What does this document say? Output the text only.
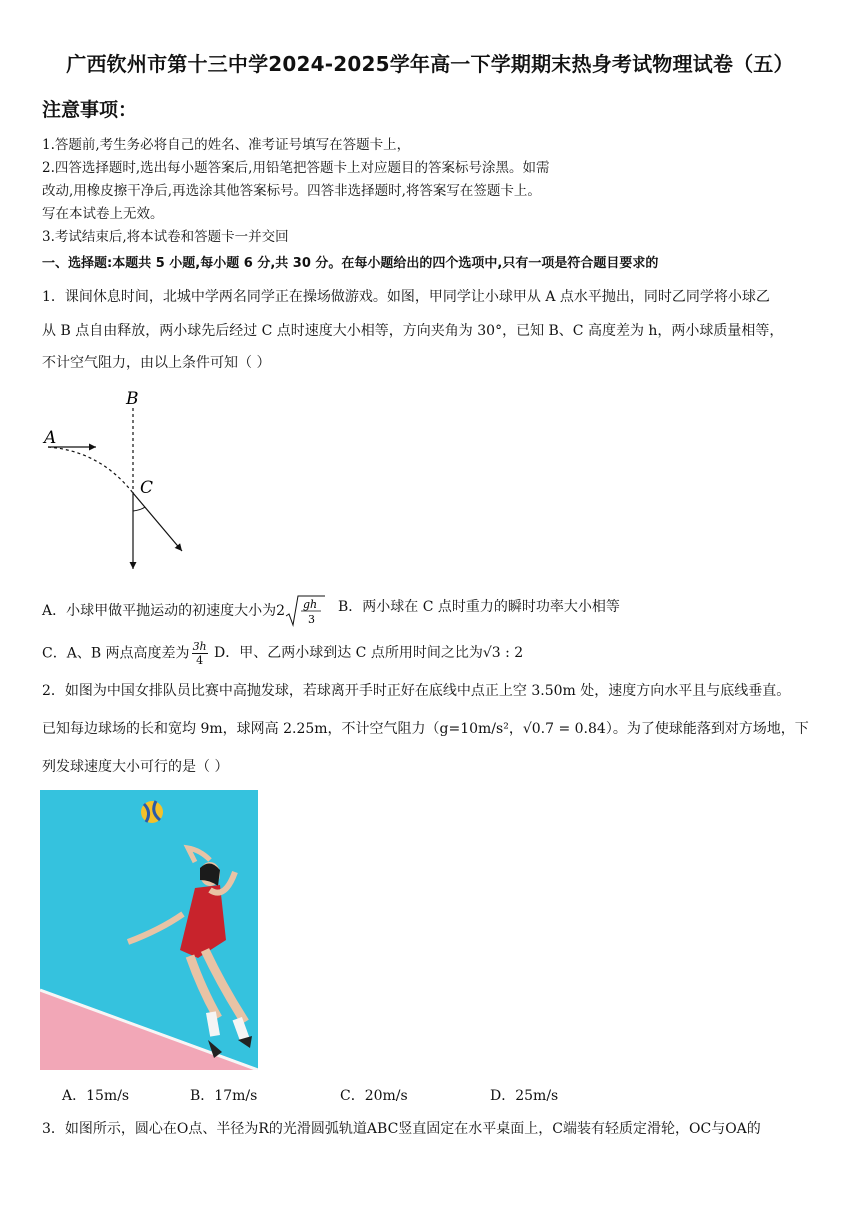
广西钦州市第十三中学2024-2025学年高一下学期期末热身考试物理试卷（五）
注意事项：
1.答题前,考生务必将自己的姓名、准考证号填写在答题卡上，
2.四答选择题时,选出每小题答案后,用铅笔把答题卡上对应题目的答案标号涂黑。如需
改动,用橡皮擦干净后,再选涂其他答案标号。四答非选择题时,将答案写在签题卡上。
写在本试卷上无效。
3.考试结束后,将本试卷和答题卡一并交回
一、选择题:本题共 5 小题,每小题 6 分,共 30 分。在每小题给出的四个选项中,只有一项是符合题目要求的
1．课间休息时间，北城中学两名同学正在操场做游戏。如图，甲同学让小球甲从 A 点水平抛出，同时乙同学将小球乙
从 B 点自由释放，两小球先后经过 C 点时速度大小相等，方向夹角为 30°，已知 B、C 高度差为 h，两小球质量相等，
不计空气阻力，由以上条件可知（ ）
B
A
C
A．小球甲做平抛运动的初速度大小为2 gh
3
B．两小球在 C 点时重力的瞬时功率大小相等
C．A、B 两点高度差为 $\frac{3h}{4}$ D．甲、乙两小球到达 C 点所用时间之比为√3 : 2
2．如图为中国女排队员比赛中高抛发球，若球离开手时正好在底线中点正上空 3.50m 处，速度方向水平且与底线垂直。
已知每边球场的长和宽均 9m，球网高 2.25m，不计空气阻力（g=10m/s²，√0.7 = 0.84）。为了使球能落到对方场地，下
列发球速度大小可行的是（ ）
A．15m/s	B．17m/s	C．20m/s	D．25m/s
3．如图所示，圆心在O点、半径为R的光滑圆弧轨道ABC竖直固定在水平桌面上，C端装有轻质定滑轮，OC与OA的
